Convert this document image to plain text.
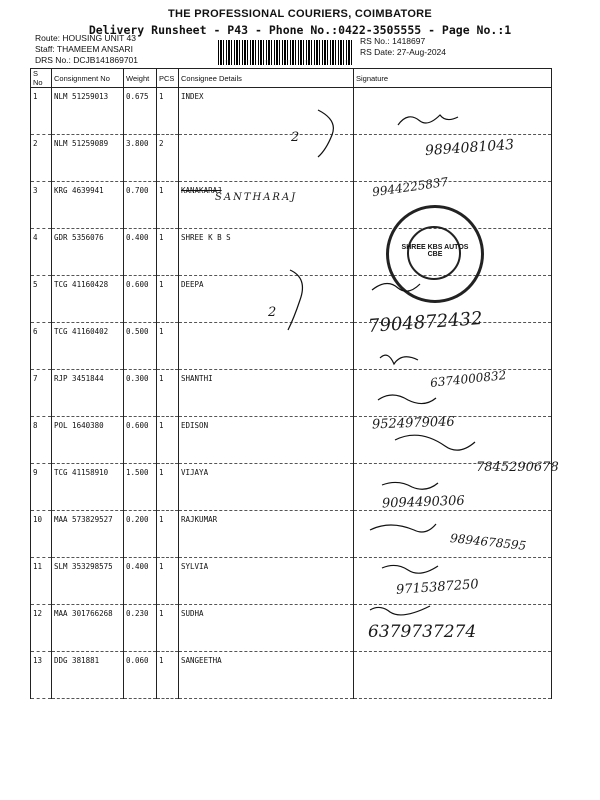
THE PROFESSIONAL COURIERS, COIMBATORE
Delivery Runsheet - P43 - Phone No.:0422-3505555 - Page No.:1
Route: HOUSING UNIT 43
Staff: THAMEEM ANSARI
DRS No.: DCJB141869701
RS No.: 1418697
RS Date: 27-Aug-2024
S No	Consignment No	Weight	PCS	Consignee Details	Signature
1	NLM 51259013	0.675	1	INDEX	
2	NLM 51259089	3.800	2		
3	KRG 4639941	0.700	1	KANAKARAJ	
4	GDR 5356076	0.400	1	SHREE K B S	
5	TCG 41160428	0.600	1	DEEPA	
6	TCG 41160402	0.500	1		
7	RJP 3451844	0.300	1	SHANTHI	
8	POL 1640380	0.600	1	EDISON	
9	TCG 41158910	1.500	1	VIJAYA	
10	MAA 573829527	0.200	1	RAJKUMAR	
11	SLM 353298575	0.400	1	SYLVIA	
12	MAA 301766268	0.230	1	SUDHA	
13	DDG 381881	0.060	1	SANGEETHA	
2
SANTHARAJ
2
9894081043
9944225837
7904872432
6374000832
9524979046
7845290678
9094490306
9894678595
9715387250
6379737274
SHREE KBS AUTOS CBE
